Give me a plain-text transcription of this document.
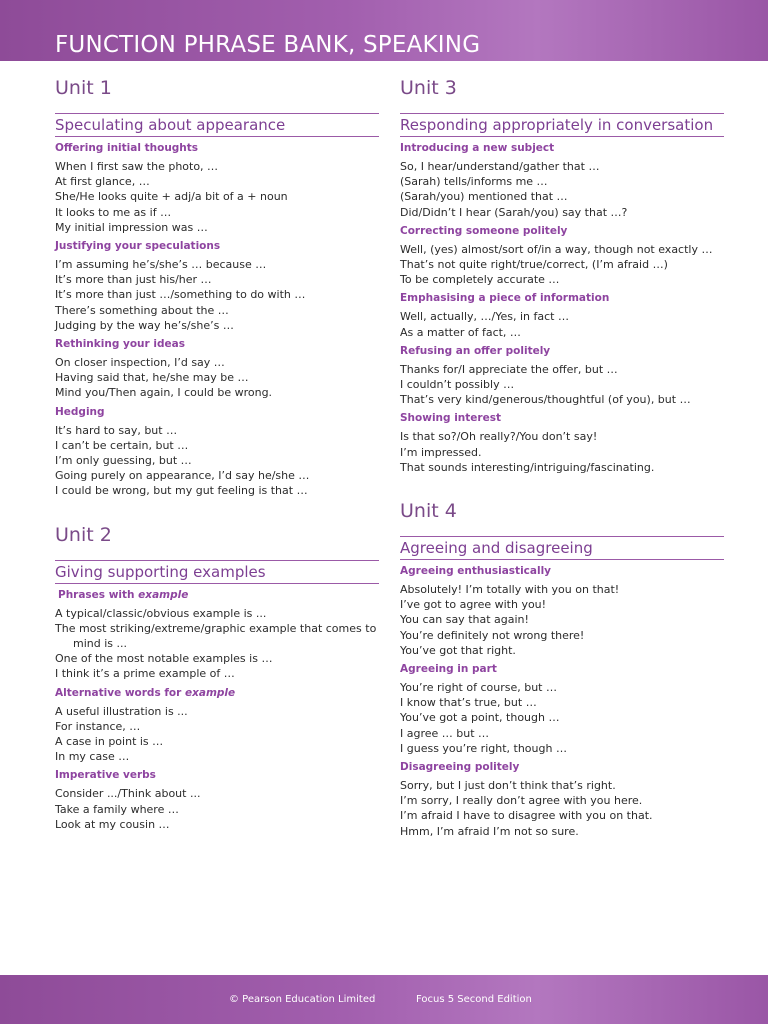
FUNCTION PHRASE BANK, SPEAKING
Unit 1
Speculating about appearance
Offering initial thoughts
When I first saw the photo, …
At first glance, …
She/He looks quite + adj/a bit of a + noun
It looks to me as if …
My initial impression was …
Justifying your speculations
I’m assuming he’s/she’s … because …
It’s more than just his/her …
It’s more than just …/something to do with …
There’s something about the …
Judging by the way he’s/she’s …
Rethinking your ideas
On closer inspection, I’d say …
Having said that, he/she may be …
Mind you/Then again, I could be wrong.
Hedging
It’s hard to say, but …
I can’t be certain, but …
I’m only guessing, but …
Going purely on appearance, I’d say he/she …
I could be wrong, but my gut feeling is that …
Unit 2
Giving supporting examples
Phrases with example
A typical/classic/obvious example is ...
The most striking/extreme/graphic example that comes to
mind is ...
One of the most notable examples is …
I think it’s a prime example of …
Alternative words for example
A useful illustration is ...
For instance, …
A case in point is …
In my case …
Imperative verbs
Consider .../Think about ...
Take a family where …
Look at my cousin …
Unit 3
Responding appropriately in conversation
Introducing a new subject
So, I hear/understand/gather that …
(Sarah) tells/informs me …
(Sarah/you) mentioned that …
Did/Didn’t I hear (Sarah/you) say that …?
Correcting someone politely
Well, (yes) almost/sort of/in a way, though not exactly …
That’s not quite right/true/correct, (I’m afraid …)
To be completely accurate …
Emphasising a piece of information
Well, actually, …/Yes, in fact …
As a matter of fact, …
Refusing an offer politely
Thanks for/I appreciate the offer, but …
I couldn’t possibly …
That’s very kind/generous/thoughtful (of you), but …
Showing interest
Is that so?/Oh really?/You don’t say!
I’m impressed.
That sounds interesting/intriguing/fascinating.
Unit 4
Agreeing and disagreeing
Agreeing enthusiastically
Absolutely! I’m totally with you on that!
I’ve got to agree with you!
You can say that again!
You’re definitely not wrong there!
You’ve got that right.
Agreeing in part
You’re right of course, but …
I know that’s true, but …
You’ve got a point, though …
I agree … but …
I guess you’re right, though …
Disagreeing politely
Sorry, but I just don’t think that’s right.
I’m sorry, I really don’t agree with you here.
I’m afraid I have to disagree with you on that.
Hmm, I’m afraid I’m not so sure.
© Pearson Education Limited	Focus 5 Second Edition
